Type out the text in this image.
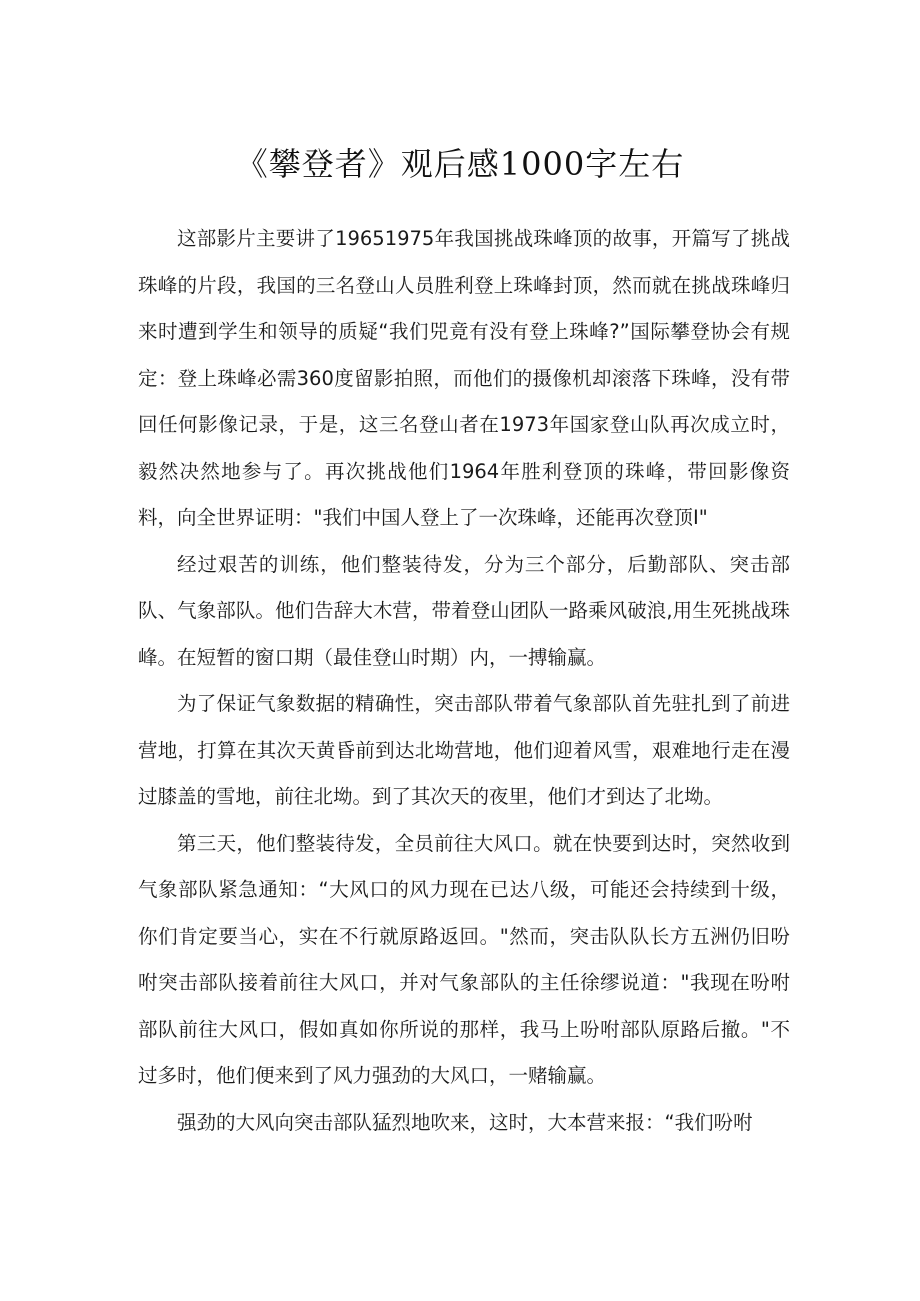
《攀登者》观后感1000字左右

这部影片主要讲了19651975年我国挑战珠峰顶的故事，开篇写了挑战珠峰的片段，我国的三名登山人员胜利登上珠峰封顶，然而就在挑战珠峰归来时遭到学生和领导的质疑“我们兕竟有没有登上珠峰?”国际攀登协会有规定：登上珠峰必需360度留影拍照，而他们的摄像机却滚落下珠峰，没有带回任何影像记录，于是，这三名登山者在1973年国家登山队再次成立时，毅然决然地参与了。再次挑战他们1964年胜利登顶的珠峰，带回影像资料，向全世界证明："我们中国人登上了一次珠峰，还能再次登顶I"

经过艰苦的训练，他们整装待发，分为三个部分，后勤部队、突击部队、气象部队。他们告辞大木营，带着登山团队一路乘风破浪,用生死挑战珠峰。在短暂的窗口期（最佳登山时期）内，一搏输赢。

为了保证气象数据的精确性，突击部队带着气象部队首先驻扎到了前进营地，打算在其次天黄昏前到达北坳营地，他们迎着风雪，艰难地行走在漫过膝盖的雪地，前往北坳。到了其次天的夜里，他们才到达了北坳。

第三天，他们整装待发，全员前往大风口。就在快要到达时，突然收到气象部队紧急通知：“大风口的风力现在已达八级，可能还会持续到十级，你们肯定要当心，实在不行就原路返回。"然而，突击队队长方五洲仍旧吩咐突击部队接着前往大风口，并对气象部队的主任徐缪说道："我现在吩咐部队前往大风口，假如真如你所说的那样，我马上吩咐部队原路后撤。"不过多时，他们便来到了风力强劲的大风口，一赌输赢。

强劲的大风向突击部队猛烈地吹来，这时，大本营来报：“我们吩咐
